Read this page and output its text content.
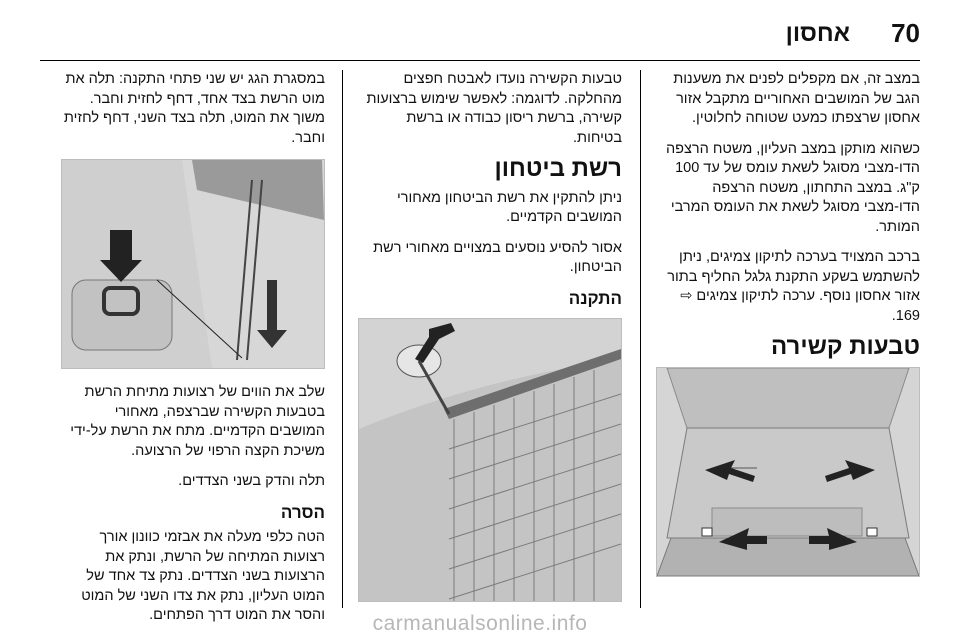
70
אחסון

במצב זה, אם מקפלים לפנים את משענות הגב של המושבים האחוריים מתקבל אזור אחסון שרצפתו כמעט שטוחה לחלוטין.

כשהוא מותקן במצב העליון, משטח הרצפה הדו-מצבי מסוגל לשאת עומס של עד 100 ק"ג. במצב התחתון, משטח הרצפה הדו-מצבי מסוגל לשאת את העומס המרבי המותר.

ברכב המצויד בערכה לתיקון צמיגים, ניתן להשתמש בשקע התקנת גלגל החליף בתור אזור אחסון נוסף. ערכה לתיקון צמיגים ⇨ 169.

טבעות קשירה

טבעות הקשירה נועדו לאבטח חפצים מהחלקה. לדוגמה: לאפשר שימוש ברצועות קשירה, ברשת ריסון כבודה או ברשת בטיחות.

רשת ביטחון

ניתן להתקין את רשת הביטחון מאחורי המושבים הקדמיים.

אסור להסיע נוסעים במצויים מאחורי רשת הביטחון.

התקנה

במסגרת הגג יש שני פתחי התקנה: תלה את מוט הרשת בצד אחד, דחף לחזית וחבר. משוך את המוט, תלה בצד השני, דחף לחזית וחבר.

שלב את הווים של רצועות מתיחת הרשת בטבעות הקשירה שברצפה, מאחורי המושבים הקדמיים. מתח את הרשת על-ידי משיכת הקצה הרפוי של הרצועה.

תלה והדק בשני הצדדים.

הסרה

הטה כלפי מעלה את אבזמי כוונון אורך רצועות המתיחה של הרשת, ונתק את הרצועות בשני הצדדים. נתק צד אחד של המוט העליון, נתק את צדו השני של המוט והסר את המוט דרך הפתחים.	carmanualsonline.info
